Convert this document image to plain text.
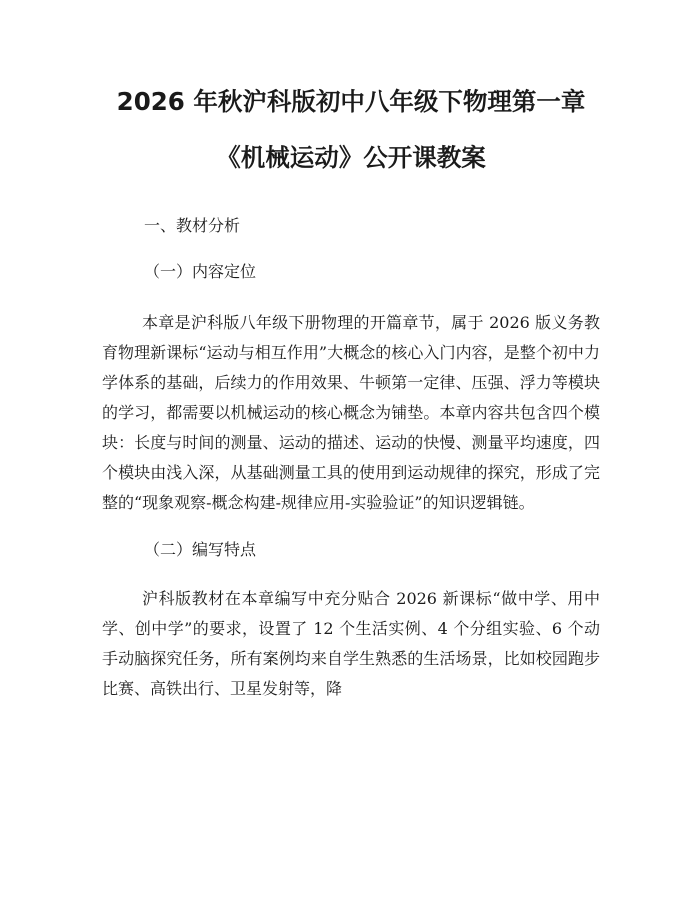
2026 年秋沪科版初中八年级下物理第一章
《机械运动》公开课教案

一、教材分析

（一）内容定位

本章是沪科版八年级下册物理的开篇章节，属于 2026 版义务教育物理新课标“运动与相互作用”大概念的核心入门内容，是整个初中力学体系的基础，后续力的作用效果、牛顿第一定律、压强、浮力等模块的学习，都需要以机械运动的核心概念为铺垫。本章内容共包含四个模块：长度与时间的测量、运动的描述、运动的快慢、测量平均速度，四个模块由浅入深，从基础测量工具的使用到运动规律的探究，形成了完整的“现象观察-概念构建-规律应用-实验验证”的知识逻辑链。

（二）编写特点

沪科版教材在本章编写中充分贴合 2026 新课标“做中学、用中学、创中学”的要求，设置了 12 个生活实例、4 个分组实验、6 个动手动脑探究任务，所有案例均来自学生熟悉的生活场景，比如校园跑步比赛、高铁出行、卫星发射等，降
